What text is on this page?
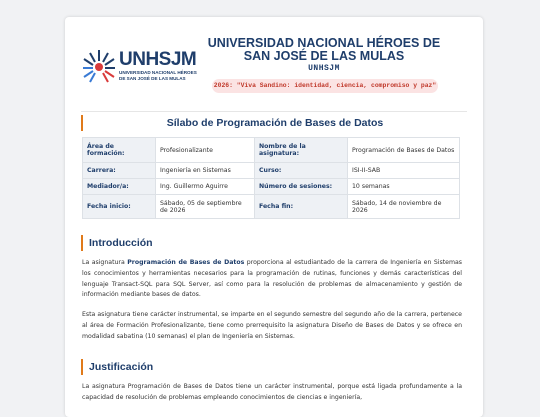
UNHSJM
UNIVERSIDAD NACIONAL HÉROES DE SAN JOSÉ DE LAS MULAS
UNIVERSIDAD NACIONAL HÉROES DE SAN JOSÉ DE LAS MULAS
UNHSJM
2026: "Viva Sandino: identidad, ciencia, compromiso y paz"
Sílabo de Programación de Bases de Datos
Área de formación:	Profesionalizante	Nombre de la asignatura:	Programación de Bases de Datos
Carrera:	Ingeniería en Sistemas	Curso:	ISI-II-SAB
Mediador/a:	Ing. Guillermo Aguirre	Número de sesiones:	10 semanas
Fecha inicio:	Sábado, 05 de septiembre de 2026	Fecha fin:	Sábado, 14 de noviembre de 2026
Introducción
La asignatura Programación de Bases de Datos proporciona al estudiantado de la carrera de Ingeniería en Sistemas los conocimientos y herramientas necesarios para la programación de rutinas, funciones y demás características del lenguaje Transact-SQL para SQL Server, así como para la resolución de problemas de almacenamiento y gestión de información mediante bases de datos.
Esta asignatura tiene carácter instrumental, se imparte en el segundo semestre del segundo año de la carrera, pertenece al área de Formación Profesionalizante, tiene como prerrequisito la asignatura Diseño de Bases de Datos y se ofrece en modalidad sabatina (10 semanas) el plan de Ingeniería en Sistemas.
Justificación
La asignatura Programación de Bases de Datos tiene un carácter instrumental, porque está ligada profundamente a la capacidad de resolución de problemas empleando conocimientos de ciencias e ingeniería,
